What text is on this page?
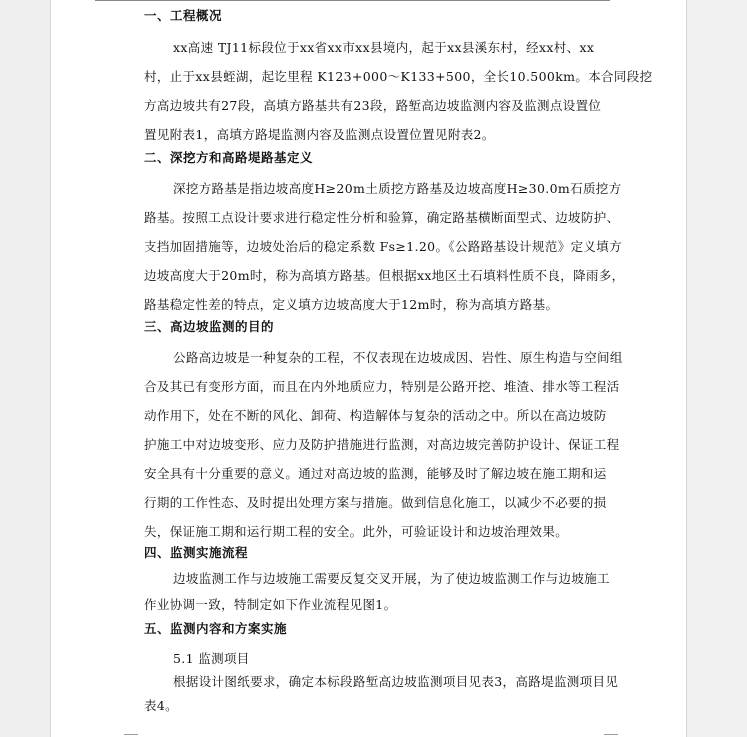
一、工程概况
xx高速 TJ11标段位于xx省xx市xx县境内，起于xx县溪东村，经xx村、xx
村，止于xx县蛭湖，起讫里程 K123+000～K133+500，全长10.500km。本合同段挖
方高边坡共有27段，高填方路基共有23段，路堑高边坡监测内容及监测点设置位
置见附表1，高填方路堤监测内容及监测点设置位置见附表2。
二、深挖方和高路堤路基定义
深挖方路基是指边坡高度H≥20m土质挖方路基及边坡高度H≥30.0m石质挖方
路基。按照工点设计要求进行稳定性分析和验算，确定路基横断面型式、边坡防护、
支挡加固措施等，边坡处治后的稳定系数 Fs≥1.20。《公路路基设计规范》定义填方
边坡高度大于20m时，称为高填方路基。但根据xx地区土石填料性质不良，降雨多，
路基稳定性差的特点，定义填方边坡高度大于12m时，称为高填方路基。
三、高边坡监测的目的
公路高边坡是一种复杂的工程，不仅表现在边坡成因、岩性、原生构造与空间组
合及其已有变形方面，而且在内外地质应力，特别是公路开挖、堆渣、排水等工程活
动作用下，处在不断的风化、卸荷、构造解体与复杂的活动之中。所以在高边坡防
护施工中对边坡变形、应力及防护措施进行监测，对高边坡完善防护设计、保证工程
安全具有十分重要的意义。通过对高边坡的监测，能够及时了解边坡在施工期和运
行期的工作性态、及时提出处理方案与措施。做到信息化施工，以减少不必要的损
失，保证施工期和运行期工程的安全。此外，可验证设计和边坡治理效果。
四、监测实施流程
边坡监测工作与边坡施工需要反复交叉开展，为了使边坡监测工作与边坡施工
作业协调一致，特制定如下作业流程见图1。
五、监测内容和方案实施
5.1 监测项目
根据设计图纸要求，确定本标段路堑高边坡监测项目见表3，高路堤监测项目见
表4。
